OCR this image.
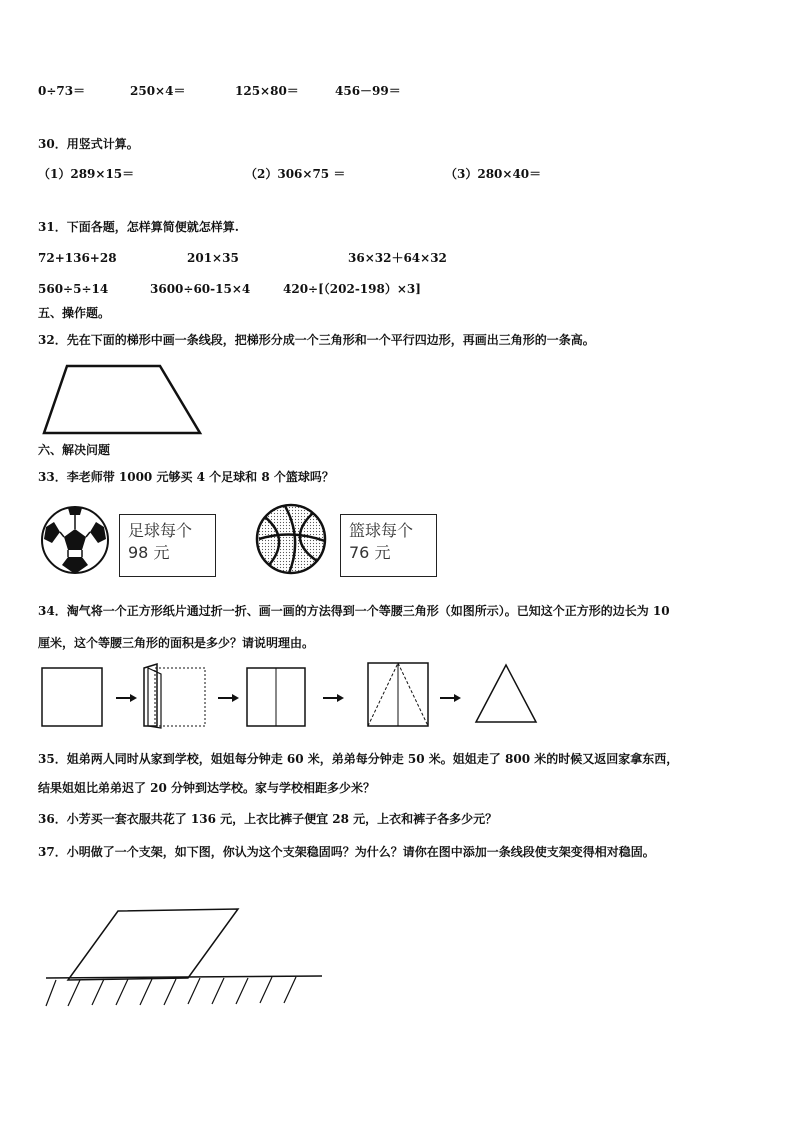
0÷73＝	250×4＝	125×80＝	456－99＝
30．用竖式计算。
（1）289×15＝	（2）306×75 ＝	（3）280×40＝
31．下面各题，怎样算简便就怎样算.
72+136+28	201×35	36×32＋64×32
560÷5÷14	3600÷60-15×4	420÷[（202-198）×3]
五、操作题。
32．先在下面的梯形中画一条线段，把梯形分成一个三角形和一个平行四边形，再画出三角形的一条高。
六、解决问题
33．李老师带 1000 元够买 4 个足球和 8 个篮球吗？
足球每个
98 元
篮球每个
76 元
34．淘气将一个正方形纸片通过折一折、画一画的方法得到一个等腰三角形（如图所示）。已知这个正方形的边长为 10
厘米，这个等腰三角形的面积是多少？请说明理由。
35．姐弟两人同时从家到学校，姐姐每分钟走 60 米，弟弟每分钟走 50 米。姐姐走了 800 米的时候又返回家拿东西，
结果姐姐比弟弟迟了 20 分钟到达学校。家与学校相距多少米？
36．小芳买一套衣服共花了 136 元，上衣比裤子便宜 28 元，上衣和裤子各多少元？
37．小明做了一个支架，如下图，你认为这个支架稳固吗？为什么？请你在图中添加一条线段使支架变得相对稳固。
